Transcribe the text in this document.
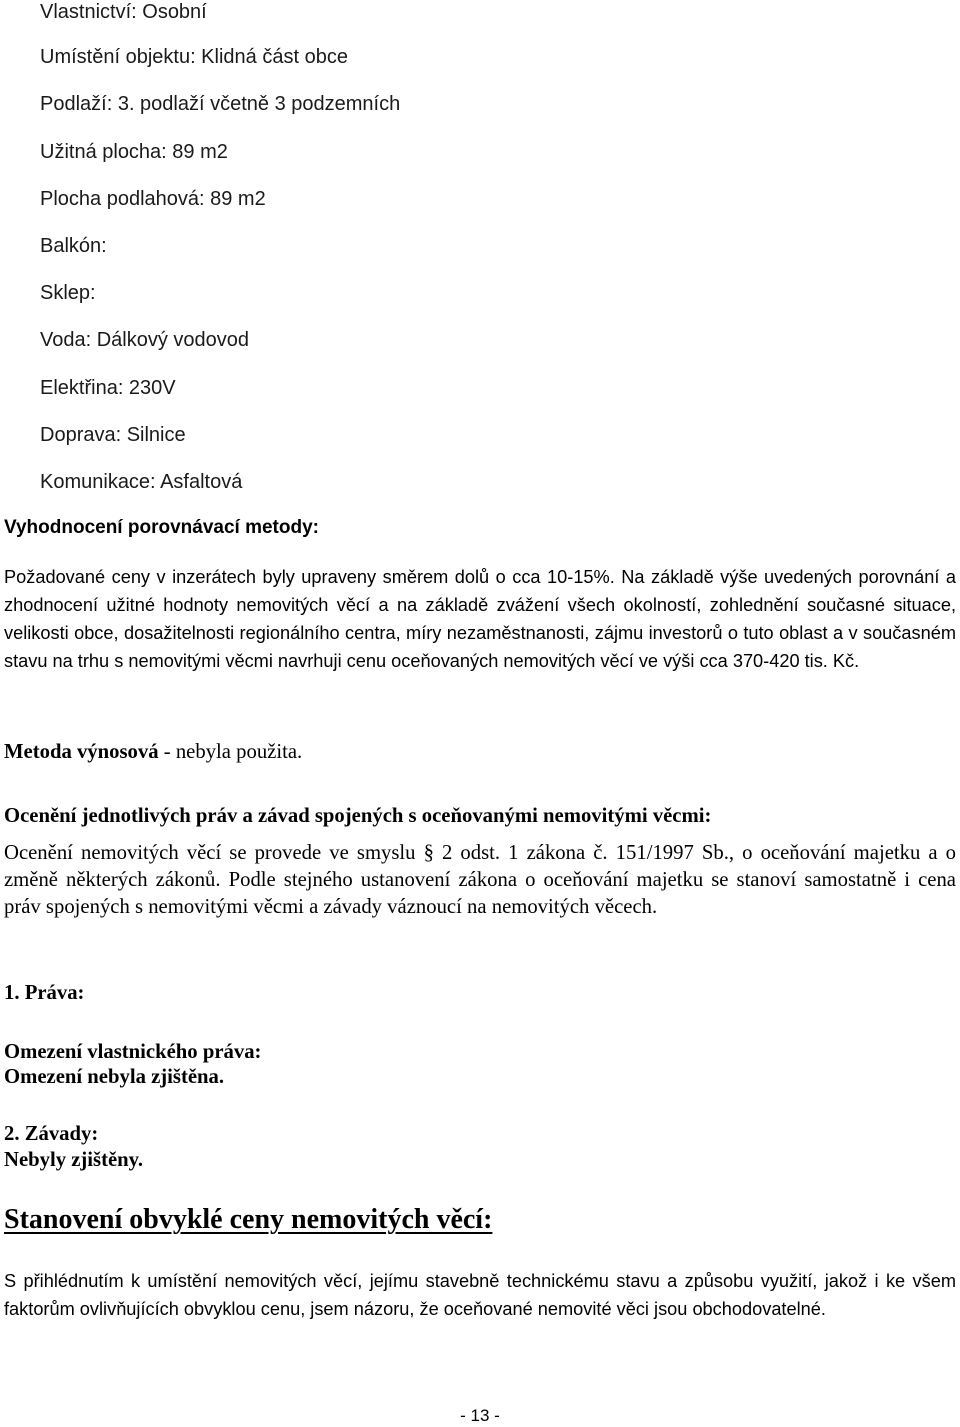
Vlastnictví: Osobní
Umístění objektu: Klidná část obce
Podlaží: 3. podlaží včetně 3 podzemních
Užitná plocha: 89 m2
Plocha podlahová: 89 m2
Balkón:
Sklep:
Voda: Dálkový vodovod
Elektřina: 230V
Doprava: Silnice
Komunikace: Asfaltová
Vyhodnocení porovnávací metody:
Požadované ceny v inzerátech byly upraveny směrem dolů o cca 10-15%. Na základě výše uvedených porovnání a zhodnocení užitné hodnoty nemovitých věcí a na základě zvážení všech okolností, zohlednění současné situace, velikosti obce, dosažitelnosti regionálního centra, míry nezaměstnanosti, zájmu investorů o tuto oblast a v současném stavu na trhu s nemovitými věcmi navrhuji cenu oceňovaných nemovitých věcí ve výši cca 370-420 tis. Kč.
Metoda výnosová - nebyla použita.
Ocenění jednotlivých práv a závad spojených s oceňovanými nemovitými věcmi:
Ocenění nemovitých věcí se provede ve smyslu § 2 odst. 1 zákona č. 151/1997 Sb., o oceňování majetku a o změně některých zákonů. Podle stejného ustanovení zákona o oceňování majetku se stanoví samostatně i cena práv spojených s nemovitými věcmi a závady váznoucí na nemovitých věcech.
1. Práva:
Omezení vlastnického práva:
Omezení nebyla zjištěna.
2. Závady:
Nebyly zjištěny.
Stanovení obvyklé ceny nemovitých věcí:
S přihlédnutím k umístění nemovitých věcí, jejímu stavebně technickému stavu a způsobu využití, jakož i ke všem faktorům ovlivňujících obvyklou cenu, jsem názoru, že oceňované nemovité věci jsou obchodovatelné.
- 13 -
